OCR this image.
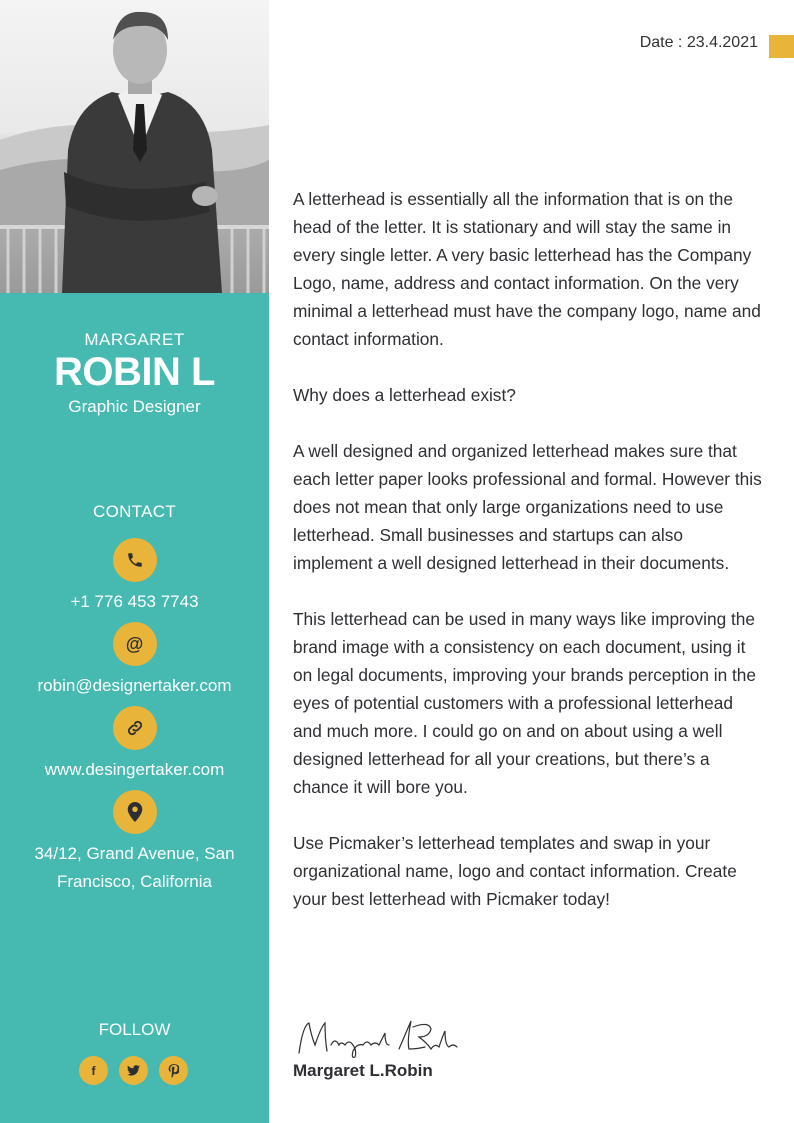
MARGARET
ROBIN L
Graphic Designer
CONTACT
+1 776 453 7743
@
robin@designertaker.com
www.desingertaker.com
34/12, Grand Avenue, San
Francisco, California
FOLLOW
f
Date : 23.4.2021

A letterhead is essentially all the information that is on the head of the letter. It is stationary and will stay the same in every single letter. A very basic letterhead has the Company Logo, name, address and contact information. On the very minimal a letterhead must have the company logo, name and contact information.

Why does a letterhead exist?

A well designed and organized letterhead makes sure that each letter paper looks professional and formal. However this does not mean that only large organizations need to use letterhead. Small businesses and startups can also implement a well designed letterhead in their documents.

This letterhead can be used in many ways like improving the brand image with a consistency on each document, using it on legal documents, improving your brands perception in the eyes of potential customers with a professional letterhead and much more. I could go on and on about using a well designed letterhead for all your creations, but there’s a chance it will bore you.

Use Picmaker’s letterhead templates and swap in your organizational name, logo and contact information. Create your best letterhead with Picmaker today!

Margaret L.Robin
